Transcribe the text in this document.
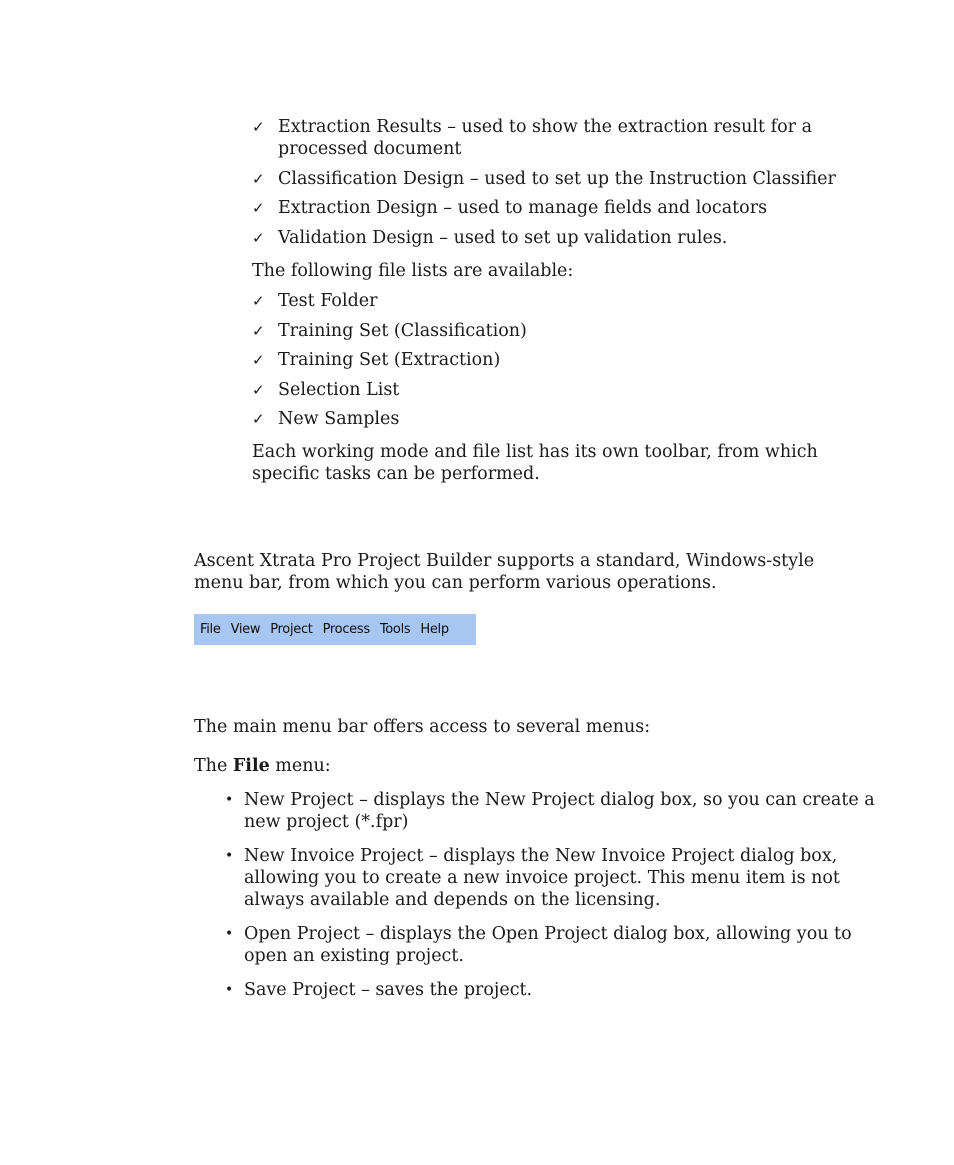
✓ Extraction Results – used to show the extraction result for a processed document
✓ Classification Design – used to set up the Instruction Classifier
✓ Extraction Design – used to manage fields and locators
✓ Validation Design – used to set up validation rules.

The following file lists are available:

✓ Test Folder
✓ Training Set (Classification)
✓ Training Set (Extraction)
✓ Selection List
✓ New Samples

Each working mode and file list has its own toolbar, from which specific tasks can be performed.

Ascent Xtrata Pro Project Builder supports a standard, Windows-style menu bar, from which you can perform various operations.

File View Project Process Tools Help

The main menu bar offers access to several menus:

The File menu:

• New Project – displays the New Project dialog box, so you can create a new project (*.fpr)
• New Invoice Project – displays the New Invoice Project dialog box, allowing you to create a new invoice project. This menu item is not always available and depends on the licensing.
• Open Project – displays the Open Project dialog box, allowing you to open an existing project.
• Save Project – saves the project.
